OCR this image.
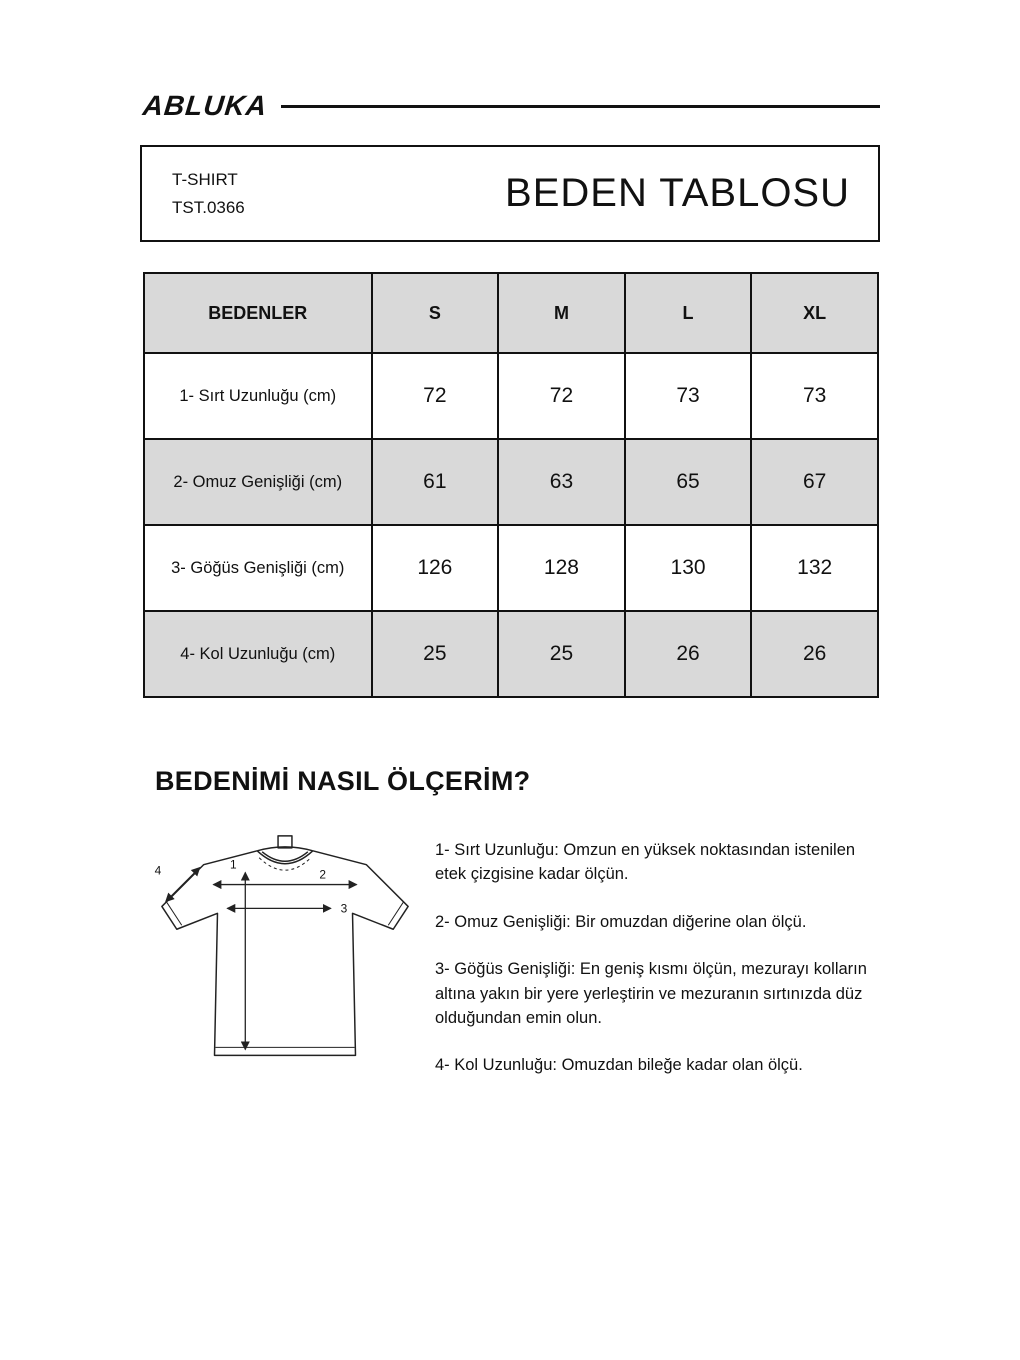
ABLUKA
T-SHIRT
TST.0366	BEDEN TABLOSU
BEDENLER	S	M	L	XL
1- Sırt Uzunluğu (cm)	72	72	73	73
2- Omuz Genişliği (cm)	61	63	65	67
3- Göğüs Genişliği (cm)	126	128	130	132
4- Kol Uzunluğu (cm)	25	25	26	26
BEDENİMİ NASIL ÖLÇERİM?
1
2
3
4

1- Sırt Uzunluğu: Omzun en yüksek noktasından istenilen etek çizgisine kadar ölçün.

2- Omuz Genişliği: Bir omuzdan diğerine olan ölçü.

3- Göğüs Genişliği: En geniş kısmı ölçün, mezurayı kolların altına yakın bir yere yerleştirin ve mezuranın sırtınızda düz olduğundan emin olun.

4- Kol Uzunluğu: Omuzdan bileğe kadar olan ölçü.
